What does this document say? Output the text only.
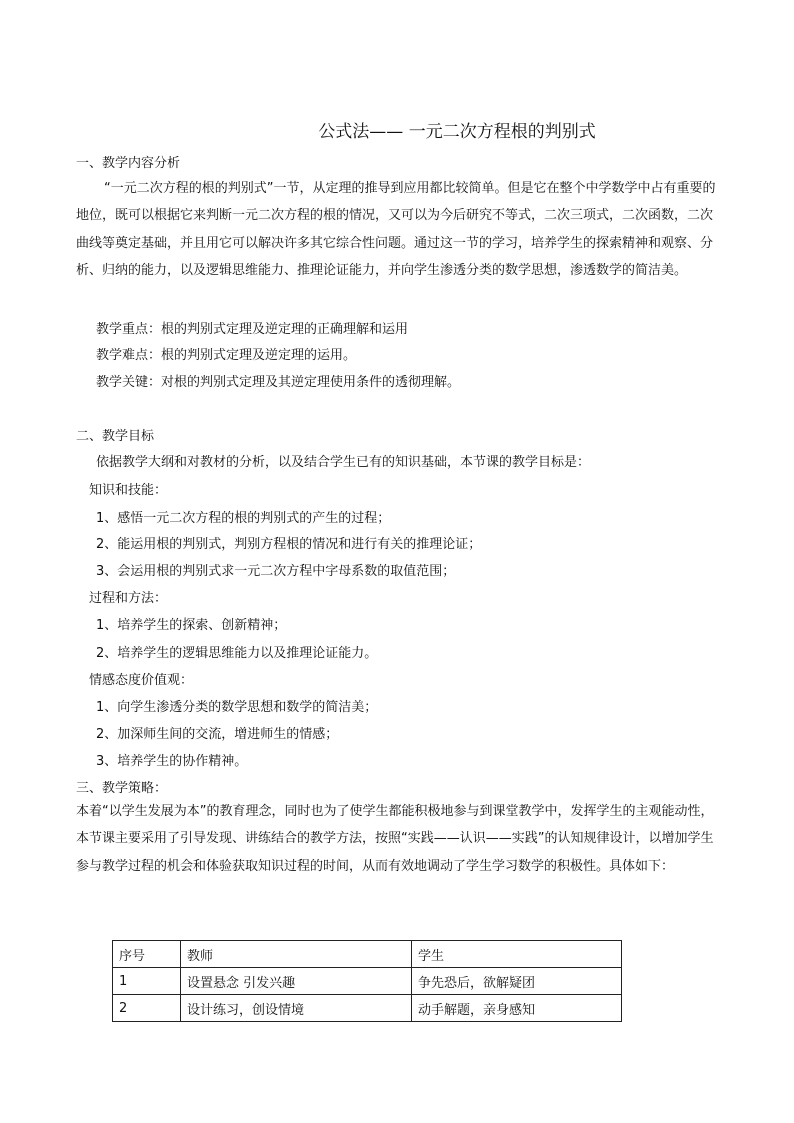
公式法—— 一元二次方程根的判别式
一、教学内容分析
“一元二次方程的根的判别式”一节，从定理的推导到应用都比较简单。但是它在整个中学数学中占有重要的地位，既可以根据它来判断一元二次方程的根的情况，又可以为今后研究不等式，二次三项式，二次函数，二次曲线等奠定基础，并且用它可以解决许多其它综合性问题。通过这一节的学习，培养学生的探索精神和观察、分析、归纳的能力，以及逻辑思维能力、推理论证能力，并向学生渗透分类的数学思想，渗透数学的简洁美。
教学重点：根的判别式定理及逆定理的正确理解和运用
教学难点：根的判别式定理及逆定理的运用。
教学关键：对根的判别式定理及其逆定理使用条件的透彻理解。
二、教学目标
依据教学大纲和对教材的分析，以及结合学生已有的知识基础，本节课的教学目标是：
知识和技能：
1、感悟一元二次方程的根的判别式的产生的过程；
2、能运用根的判别式，判别方程根的情况和进行有关的推理论证；
3、会运用根的判别式求一元二次方程中字母系数的取值范围；
过程和方法：
1、培养学生的探索、创新精神；
2、培养学生的逻辑思维能力以及推理论证能力。
情感态度价值观：
1、向学生渗透分类的数学思想和数学的简洁美；
2、加深师生间的交流，增进师生的情感；
3、培养学生的协作精神。
三、教学策略：
本着“以学生发展为本”的教育理念，同时也为了使学生都能积极地参与到课堂教学中，发挥学生的主观能动性，本节课主要采用了引导发现、讲练结合的教学方法，按照“实践——认识——实践”的认知规律设计，以增加学生参与教学过程的机会和体验获取知识过程的时间，从而有效地调动了学生学习数学的积极性。具体如下：
序号	教师	学生
1	设置悬念 引发兴趣	争先恐后，欲解疑团
2	设计练习，创设情境	动手解题，亲身感知
